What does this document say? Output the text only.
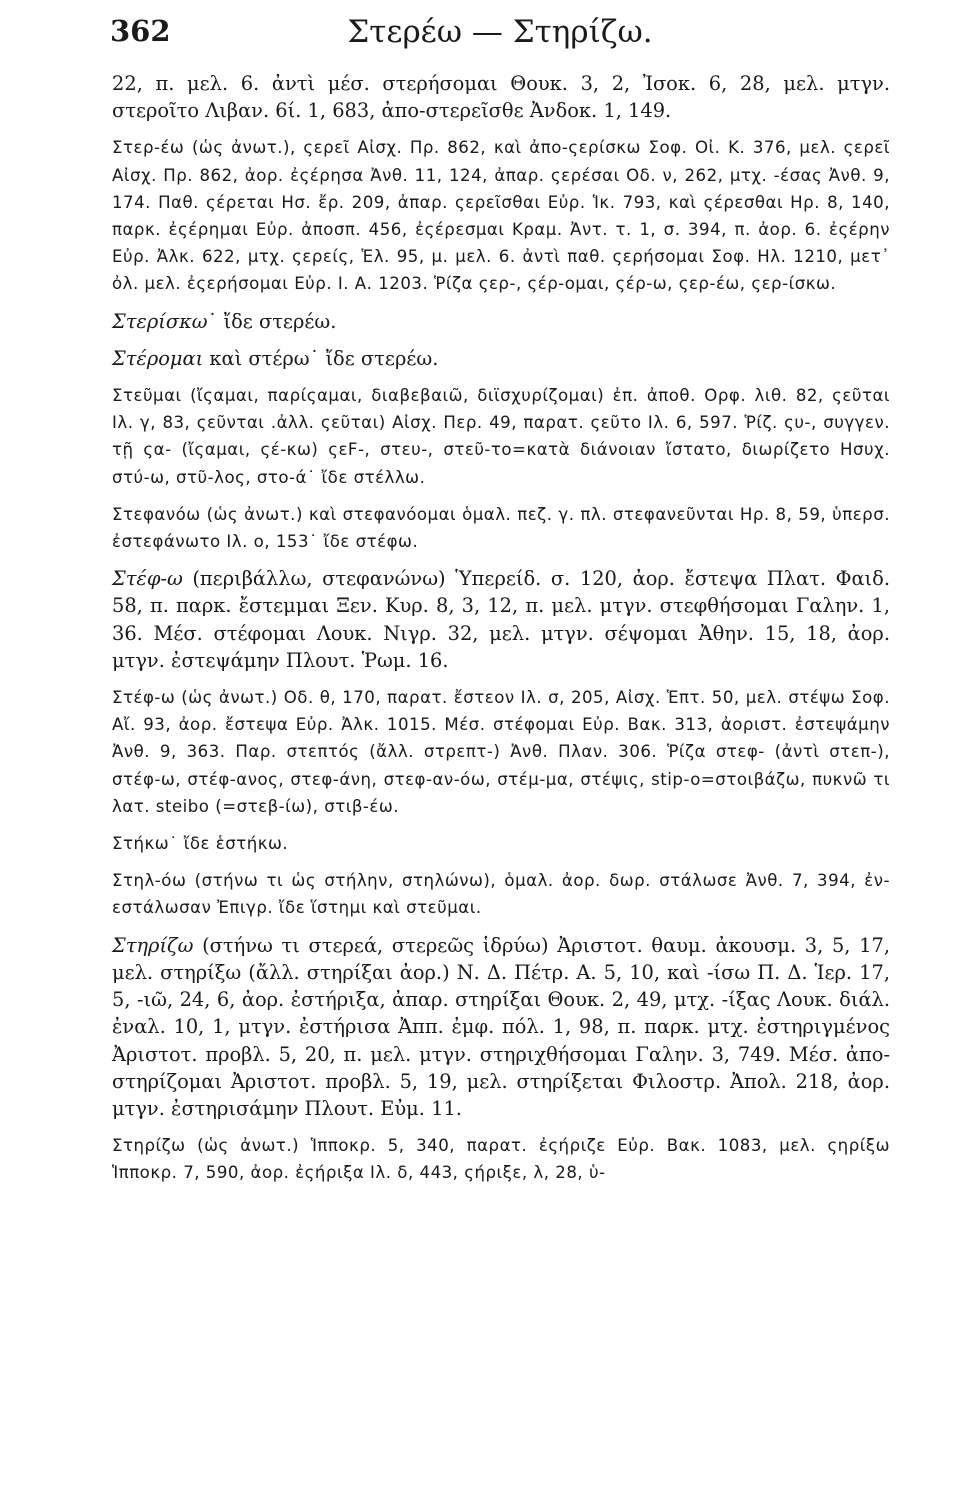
362	Στερέω — Στηρίζω.

22, π. μελ. 6. ἀντὶ μέσ. στερήσομαι Θουκ. 3, 2, Ἰσοκ. 6, 28, μελ. μτγν. στεροῖτο Λιβαν. 6ί. 1, 683, ἀπο-στερεῖσθε Ἀνδοκ. 1, 149.

Στερ-έω (ὡς ἀνωτ.), ςερεῖ Αἰσχ. Πρ. 862, καὶ ἀπο-ςερίσκω Σοφ. Οἰ. Κ. 376, μελ. ςερεῖ Αἰσχ. Πρ. 862, ἀορ. ἐςέρησα Ἀνθ. 11, 124, ἀπαρ. ςερέσαι Οδ. ν, 262, μτχ. -έσας Ἀνθ. 9, 174. Παθ. ςέρεται Ησ. ἔρ. 209, ἀπαρ. ςερεῖσθαι Εὐρ. Ἱκ. 793, καὶ ςέρεσθαι Ηρ. 8, 140, παρκ. ἐςέρημαι Εὐρ. ἀποσπ. 456, ἐςέρεσμαι Κραμ. Ἀντ. τ. 1, σ. 394, π. ἀορ. 6. ἐςέρην Εὐρ. Ἀλκ. 622, μτχ. ςερείς, Ἑλ. 95, μ. μελ. 6. ἀντὶ παθ. ςερήσομαι Σοφ. Ηλ. 1210, μετ᾽ ὀλ. μελ. ἐςερήσομαι Εὐρ. Ι. Α. 1203. Ῥίζα ςερ-, ςέρ-ομαι, ςέρ-ω, ςερ-έω, ςερ-ίσκω.

Στερίσκω˙ ἴδε στερέω.

Στέρομαι καὶ στέρω˙ ἴδε στερέω.

Στεῦμαι (ἴςαμαι, παρίςαμαι, διαβεβαιῶ, διϊσχυρίζομαι) ἐπ. ἀποθ. Ορφ. λιθ. 82, ςεῦται Ιλ. γ, 83, ςεῦνται .ἀλλ. ςεῦται) Αἰσχ. Περ. 49, παρατ. ςεῦτο Ιλ. 6, 597. Ῥίζ. ςυ-, συγγεν. τῇ ςα- (ἴςαμαι, ςέ-κω) ςεF-, στευ-, στεῦ-το=κατὰ διάνοιαν ἴστατο, διωρίζετο Ησυχ. στύ-ω, στῦ-λος, στο-ά˙ ἴδε στέλλω.

Στεφανόω (ὡς ἀνωτ.) καὶ στεφανόομαι ὁμαλ. πεζ. γ. πλ. στεφανεῦνται Ηρ. 8, 59, ὑπερσ. ἐστεφάνωτο Ιλ. ο, 153˙ ἴδε στέφω.

Στέφ-ω (περιβάλλω, στεφανώνω) Ὑπερείδ. σ. 120, ἀορ. ἔστεψα Πλατ. Φαιδ. 58, π. παρκ. ἔστεμμαι Ξεν. Κυρ. 8, 3, 12, π. μελ. μτγν. στεφθήσομαι Γαλην. 1, 36. Μέσ. στέφομαι Λουκ. Νιγρ. 32, μελ. μτγν. σέψομαι Ἀθην. 15, 18, ἀορ. μτγν. ἐστεψάμην Πλουτ. Ῥωμ. 16.

Στέφ-ω (ὡς ἀνωτ.) Οδ. θ, 170, παρατ. ἔστεον Ιλ. σ, 205, Αἰσχ. Ἑπτ. 50, μελ. στέψω Σοφ. Αἴ. 93, ἀορ. ἔστεψα Εὐρ. Ἀλκ. 1015. Μέσ. στέφομαι Εὐρ. Βακ. 313, ἀοριστ. ἐστεψάμην Ἀνθ. 9, 363. Παρ. στεπτός (ἄλλ. στρεπτ-) Ἀνθ. Πλαν. 306. Ῥίζα στεφ- (ἀντὶ στεπ-), στέφ-ω, στέφ-ανος, στεφ-άνη, στεφ-αν-όω, στέμ-μα, στέψις, stip-o=στοιβάζω, πυκνῶ τι λατ. steibo (=στεβ-ίω), στιβ-έω.

Στήκω˙ ἴδε ἑστήκω.

Στηλ-όω (στήνω τι ὡς στήλην, στηλώνω), ὁμαλ. ἀορ. δωρ. στάλωσε Ἀνθ. 7, 394, ἐν-εστάλωσαν Ἐπιγρ. ἴδε ἵστημι καὶ στεῦμαι.

Στηρίζω (στήνω τι στερεά, στερεῶς ἱδρύω) Ἀριστοτ. θαυμ. ἀκουσμ. 3, 5, 17, μελ. στηρίξω (ἄλλ. στηρίξαι ἀορ.) Ν. Δ. Πέτρ. Α. 5, 10, καὶ -ίσω Π. Δ. Ἱερ. 17, 5, -ιῶ, 24, 6, ἀορ. ἐστήριξα, ἀπαρ. στηρίξαι Θουκ. 2, 49, μτχ. -ίξας Λουκ. διάλ. ἐναλ. 10, 1, μτγν. ἐστήρισα Ἀππ. ἐμφ. πόλ. 1, 98, π. παρκ. μτχ. ἐστηριγμένος Ἀριστοτ. προβλ. 5, 20, π. μελ. μτγν. στηριχθήσομαι Γαλην. 3, 749. Μέσ. ἀπο-στηρίζομαι Ἀριστοτ. προβλ. 5, 19, μελ. στηρίξεται Φιλοστρ. Ἀπολ. 218, ἀορ. μτγν. ἐστηρισάμην Πλουτ. Εὐμ. 11.

Στηρίζω (ὡς ἀνωτ.) Ἱπποκρ. 5, 340, παρατ. ἐςήριζε Εὐρ. Βακ. 1083, μελ. ςηρίξω Ἱπποκρ. 7, 590, ἀορ. ἐςήριξα Ιλ. δ, 443, ςήριξε, λ, 28, ὑ-
